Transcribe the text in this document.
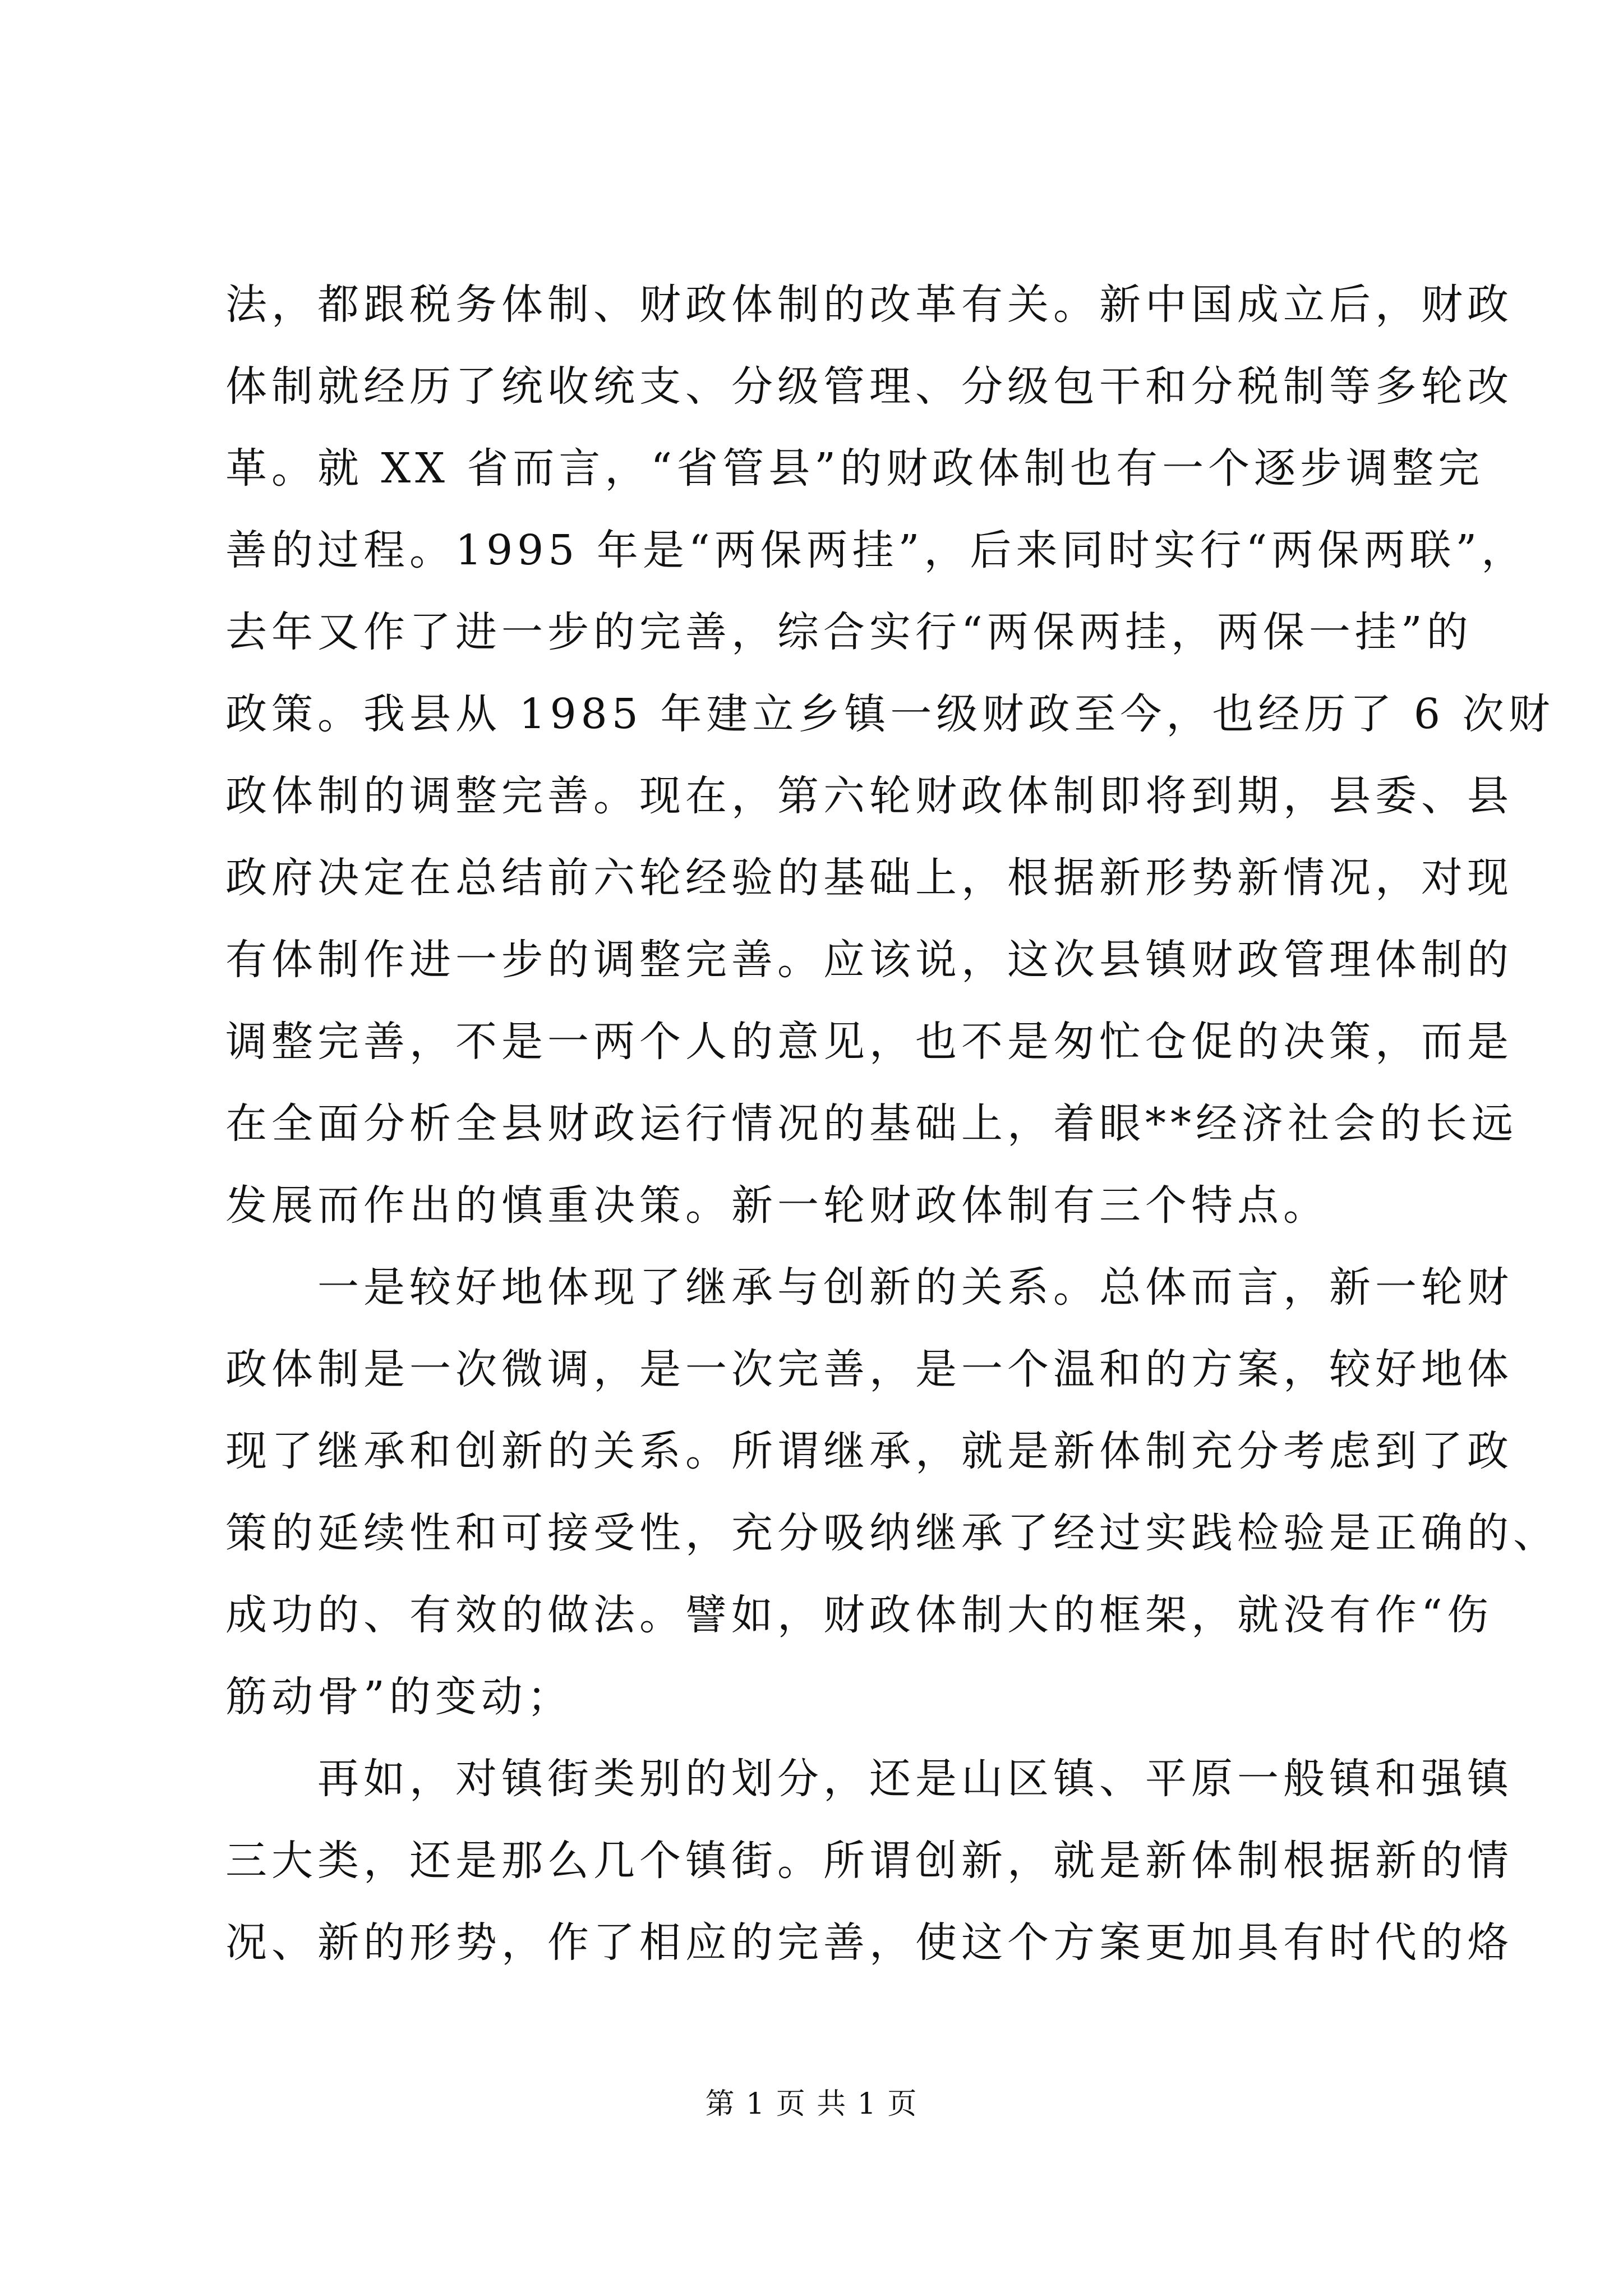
法，都跟税务体制、财政体制的改革有关。新中国成立后，财政
体制就经历了统收统支、分级管理、分级包干和分税制等多轮改
革。就 XX 省而言，“省管县”的财政体制也有一个逐步调整完
善的过程。1995 年是“两保两挂”，后来同时实行“两保两联”，
去年又作了进一步的完善，综合实行“两保两挂，两保一挂”的
政策。我县从 1985 年建立乡镇一级财政至今，也经历了 6 次财
政体制的调整完善。现在，第六轮财政体制即将到期，县委、县
政府决定在总结前六轮经验的基础上，根据新形势新情况，对现
有体制作进一步的调整完善。应该说，这次县镇财政管理体制的
调整完善，不是一两个人的意见，也不是匆忙仓促的决策，而是
在全面分析全县财政运行情况的基础上，着眼**经济社会的长远
发展而作出的慎重决策。新一轮财政体制有三个特点。
　　一是较好地体现了继承与创新的关系。总体而言，新一轮财
政体制是一次微调，是一次完善，是一个温和的方案，较好地体
现了继承和创新的关系。所谓继承，就是新体制充分考虑到了政
策的延续性和可接受性，充分吸纳继承了经过实践检验是正确的、
成功的、有效的做法。譬如，财政体制大的框架，就没有作“伤
筋动骨”的变动；
　　再如，对镇街类别的划分，还是山区镇、平原一般镇和强镇
三大类，还是那么几个镇街。所谓创新，就是新体制根据新的情
况、新的形势，作了相应的完善，使这个方案更加具有时代的烙
第 1 页 共 1 页
